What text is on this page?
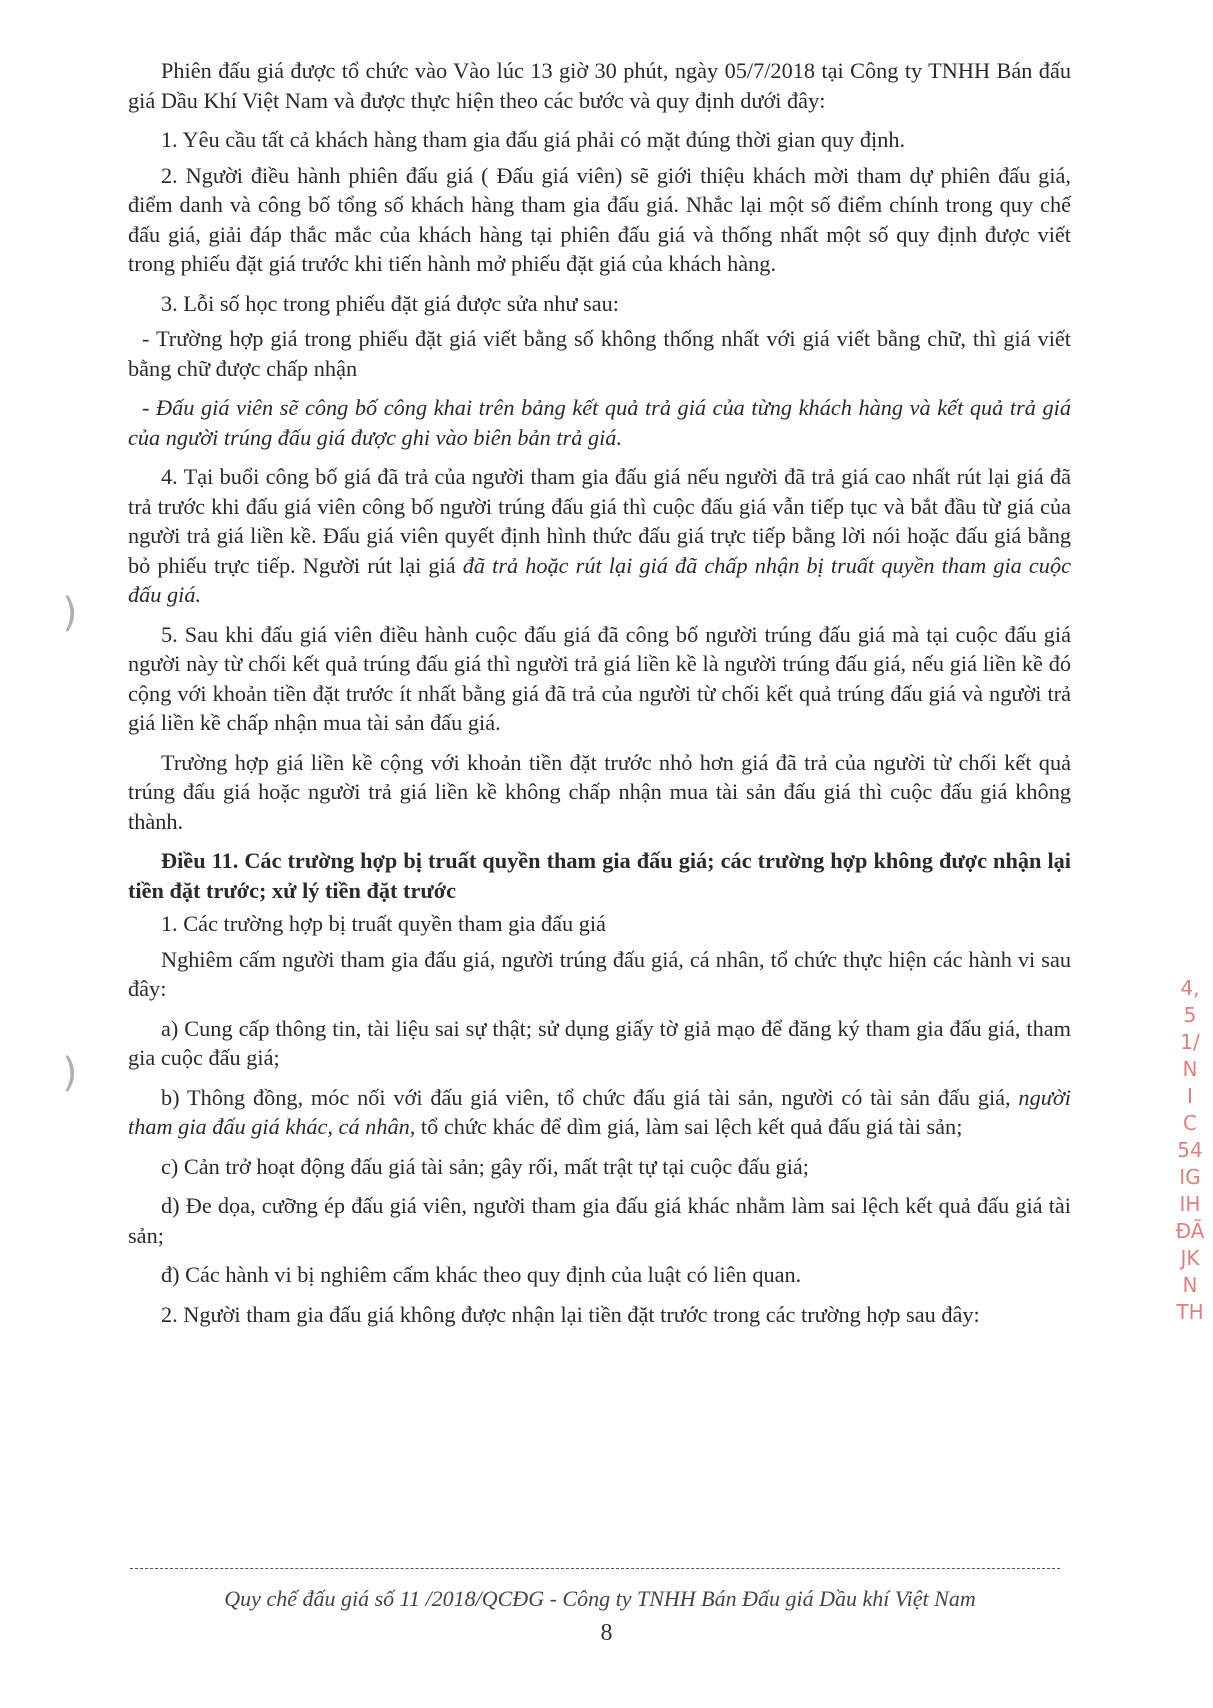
Phiên đấu giá được tổ chức vào Vào lúc 13 giờ 30 phút, ngày 05/7/2018 tại Công ty TNHH Bán đấu giá Dầu Khí Việt Nam và được thực hiện theo các bước và quy định dưới đây:

1. Yêu cầu tất cả khách hàng tham gia đấu giá phải có mặt đúng thời gian quy định.

2. Người điều hành phiên đấu giá ( Đấu giá viên) sẽ giới thiệu khách mời tham dự phiên đấu giá, điểm danh và công bố tổng số khách hàng tham gia đấu giá. Nhắc lại một số điểm chính trong quy chế đấu giá, giải đáp thắc mắc của khách hàng tại phiên đấu giá và thống nhất một số quy định được viết trong phiếu đặt giá trước khi tiến hành mở phiếu đặt giá của khách hàng.

3. Lỗi số học trong phiếu đặt giá được sửa như sau:

- Trường hợp giá trong phiếu đặt giá viết bằng số không thống nhất với giá viết bằng chữ, thì giá viết bằng chữ được chấp nhận

- Đấu giá viên sẽ công bố công khai trên bảng kết quả trả giá của từng khách hàng và kết quả trả giá của người trúng đấu giá được ghi vào biên bản trả giá.

4. Tại buổi công bố giá đã trả của người tham gia đấu giá nếu người đã trả giá cao nhất rút lại giá đã trả trước khi đấu giá viên công bố người trúng đấu giá thì cuộc đấu giá vẫn tiếp tục và bắt đầu từ giá của người trả giá liền kề. Đấu giá viên quyết định hình thức đấu giá trực tiếp bằng lời nói hoặc đấu giá bằng bỏ phiếu trực tiếp. Người rút lại giá đã trả hoặc rút lại giá đã chấp nhận bị truất quyền tham gia cuộc đấu giá.

5. Sau khi đấu giá viên điều hành cuộc đấu giá đã công bố người trúng đấu giá mà tại cuộc đấu giá người này từ chối kết quả trúng đấu giá thì người trả giá liền kề là người trúng đấu giá, nếu giá liền kề đó cộng với khoản tiền đặt trước ít nhất bằng giá đã trả của người từ chối kết quả trúng đấu giá và người trả giá liền kề chấp nhận mua tài sản đấu giá.

Trường hợp giá liền kề cộng với khoản tiền đặt trước nhỏ hơn giá đã trả của người từ chối kết quả trúng đấu giá hoặc người trả giá liền kề không chấp nhận mua tài sản đấu giá thì cuộc đấu giá không thành.

Điều 11. Các trường hợp bị truất quyền tham gia đấu giá; các trường hợp không được nhận lại tiền đặt trước; xử lý tiền đặt trước

1. Các trường hợp bị truất quyền tham gia đấu giá

Nghiêm cấm người tham gia đấu giá, người trúng đấu giá, cá nhân, tổ chức thực hiện các hành vi sau đây:

a) Cung cấp thông tin, tài liệu sai sự thật; sử dụng giấy tờ giả mạo để đăng ký tham gia đấu giá, tham gia cuộc đấu giá;

b) Thông đồng, móc nối với đấu giá viên, tổ chức đấu giá tài sản, người có tài sản đấu giá, người tham gia đấu giá khác, cá nhân, tổ chức khác để dìm giá, làm sai lệch kết quả đấu giá tài sản;

c) Cản trở hoạt động đấu giá tài sản; gây rối, mất trật tự tại cuộc đấu giá;

d) Đe dọa, cưỡng ép đấu giá viên, người tham gia đấu giá khác nhằm làm sai lệch kết quả đấu giá tài sản;

đ) Các hành vi bị nghiêm cấm khác theo quy định của luật có liên quan.

2. Người tham gia đấu giá không được nhận lại tiền đặt trước trong các trường hợp sau đây:

Quy chế đấu giá số 11 /2018/QCĐG - Công ty TNHH Bán Đấu giá Dầu khí Việt Nam
8
4,
5
1/
N
I
C
54
IG
IH
ĐÃ
JK
N
TH
)
)
